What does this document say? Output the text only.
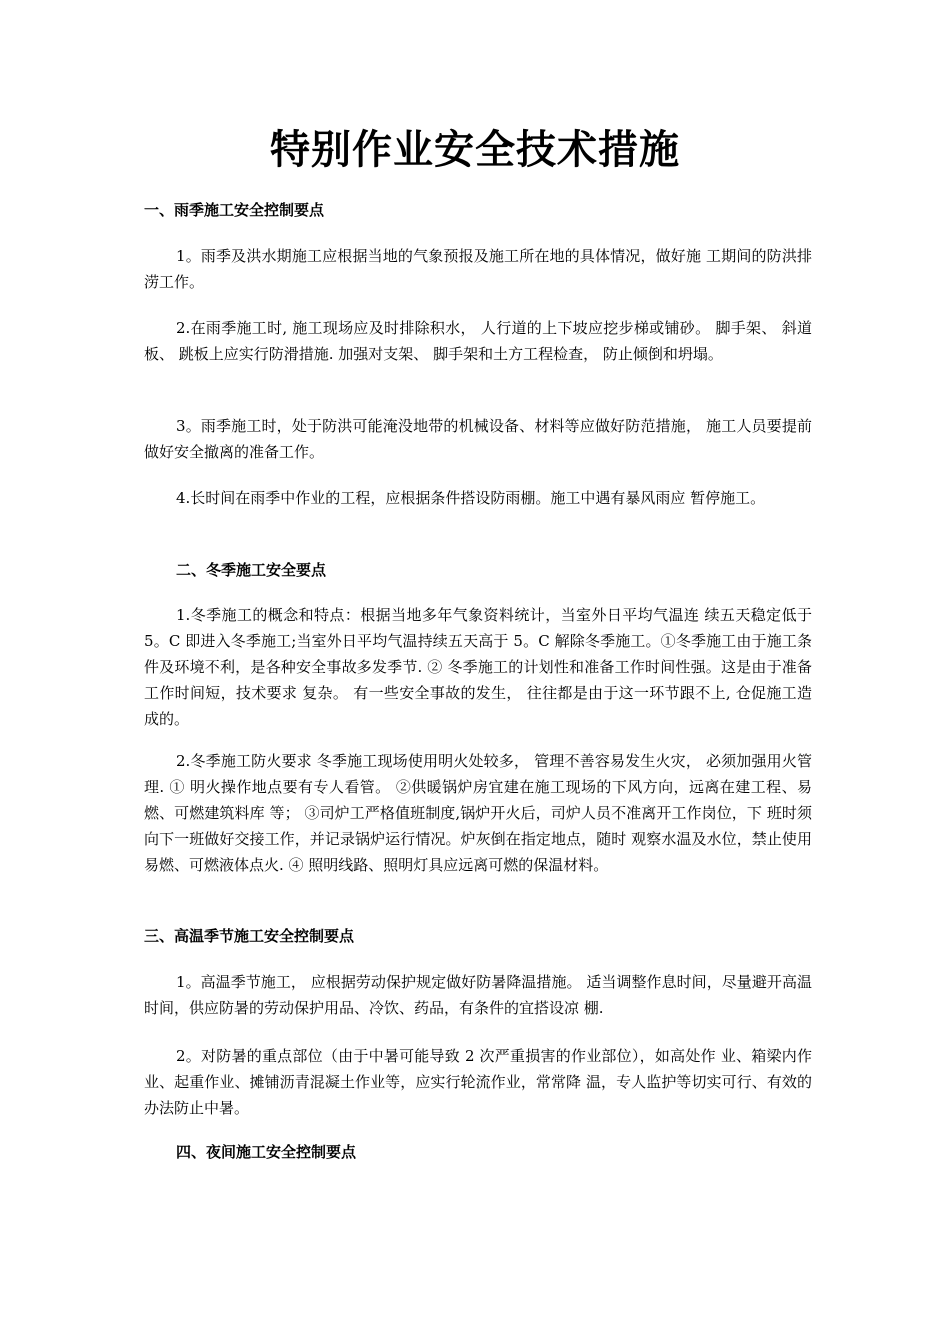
特别作业安全技术措施
一、雨季施工安全控制要点
1。雨季及洪水期施工应根据当地的气象预报及施工所在地的具体情况，做好施 工期间的防洪排涝工作。
2.在雨季施工时, 施工现场应及时排除积水， 人行道的上下坡应挖步梯或铺砂。 脚手架、 斜道板、 跳板上应实行防滑措施. 加强对支架、 脚手架和土方工程检查， 防止倾倒和坍塌。
3。雨季施工时，处于防洪可能淹没地带的机械设备、材料等应做好防范措施， 施工人员要提前做好安全撤离的准备工作。
4.长时间在雨季中作业的工程，应根据条件搭设防雨棚。施工中遇有暴风雨应 暂停施工。
二、冬季施工安全要点
1.冬季施工的概念和特点：根据当地多年气象资料统计，当室外日平均气温连 续五天稳定低于 5。C 即进入冬季施工;当室外日平均气温持续五天高于 5。C 解除冬季施工。①冬季施工由于施工条件及环境不利，是各种安全事故多发季节. ② 冬季施工的计划性和准备工作时间性强。这是由于准备工作时间短，技术要求 复杂。 有一些安全事故的发生， 往往都是由于这一环节跟不上, 仓促施工造成的。
2.冬季施工防火要求 冬季施工现场使用明火处较多， 管理不善容易发生火灾， 必须加强用火管理. ① 明火操作地点要有专人看管。 ②供暖锅炉房宜建在施工现场的下风方向，远离在建工程、易燃、可燃建筑料库 等； ③司炉工严格值班制度,锅炉开火后，司炉人员不准离开工作岗位，下 班时须向下一班做好交接工作，并记录锅炉运行情况。炉灰倒在指定地点，随时 观察水温及水位，禁止使用易燃、可燃液体点火. ④ 照明线路、照明灯具应远离可燃的保温材料。
三、高温季节施工安全控制要点
1。高温季节施工， 应根据劳动保护规定做好防暑降温措施。 适当调整作息时间，尽量避开高温时间，供应防暑的劳动保护用品、冷饮、药品，有条件的宜搭设凉 棚.
2。对防暑的重点部位（由于中暑可能导致 2 次严重损害的作业部位），如高处作 业、箱梁内作业、起重作业、摊铺沥青混凝土作业等，应实行轮流作业，常常降 温，专人监护等切实可行、有效的办法防止中暑。
四、夜间施工安全控制要点
